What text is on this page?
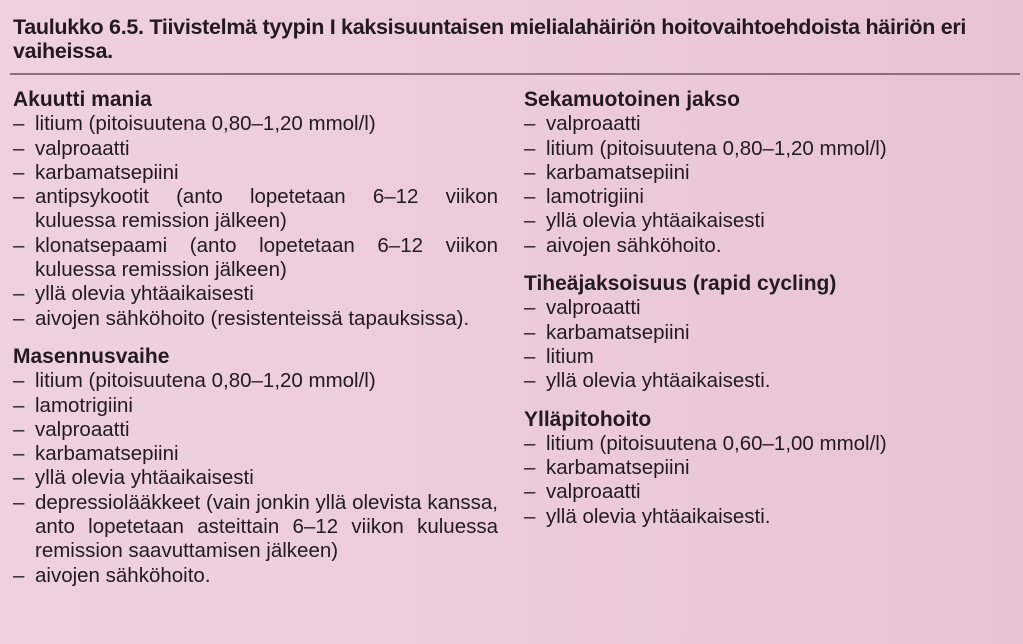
Taulukko 6.5. Tiivistelmä tyypin I kaksisuuntaisen mielialahäiriön hoitovaihtoehdoista häiriön eri vaiheissa.

Akuutti mania

– litium (pitoisuutena 0,80–1,20 mmol/l)
– valproaatti
– karbamatsepiini
– antipsykootit (anto lopetetaan 6–12 viikon kuluessa remission jälkeen)
– klonatsepaami (anto lopetetaan 6–12 viikon kuluessa remission jälkeen)
– yllä olevia yhtäaikaisesti
– aivojen sähköhoito (resistenteissä tapauksissa).

Masennusvaihe

– litium (pitoisuutena 0,80–1,20 mmol/l)
– lamotrigiini
– valproaatti
– karbamatsepiini
– yllä olevia yhtäaikaisesti
– depressiolääkkeet (vain jonkin yllä olevista kanssa, anto lopetetaan asteittain 6–12 viikon kuluessa remission saavuttamisen jälkeen)
– aivojen sähköhoito.

Sekamuotoinen jakso

– valproaatti
– litium (pitoisuutena 0,80–1,20 mmol/l)
– karbamatsepiini
– lamotrigiini
– yllä olevia yhtäaikaisesti
– aivojen sähköhoito.

Tiheäjaksoisuus (rapid cycling)

– valproaatti
– karbamatsepiini
– litium
– yllä olevia yhtäaikaisesti.

Ylläpitohoito

– litium (pitoisuutena 0,60–1,00 mmol/l)
– karbamatsepiini
– valproaatti
– yllä olevia yhtäaikaisesti.
